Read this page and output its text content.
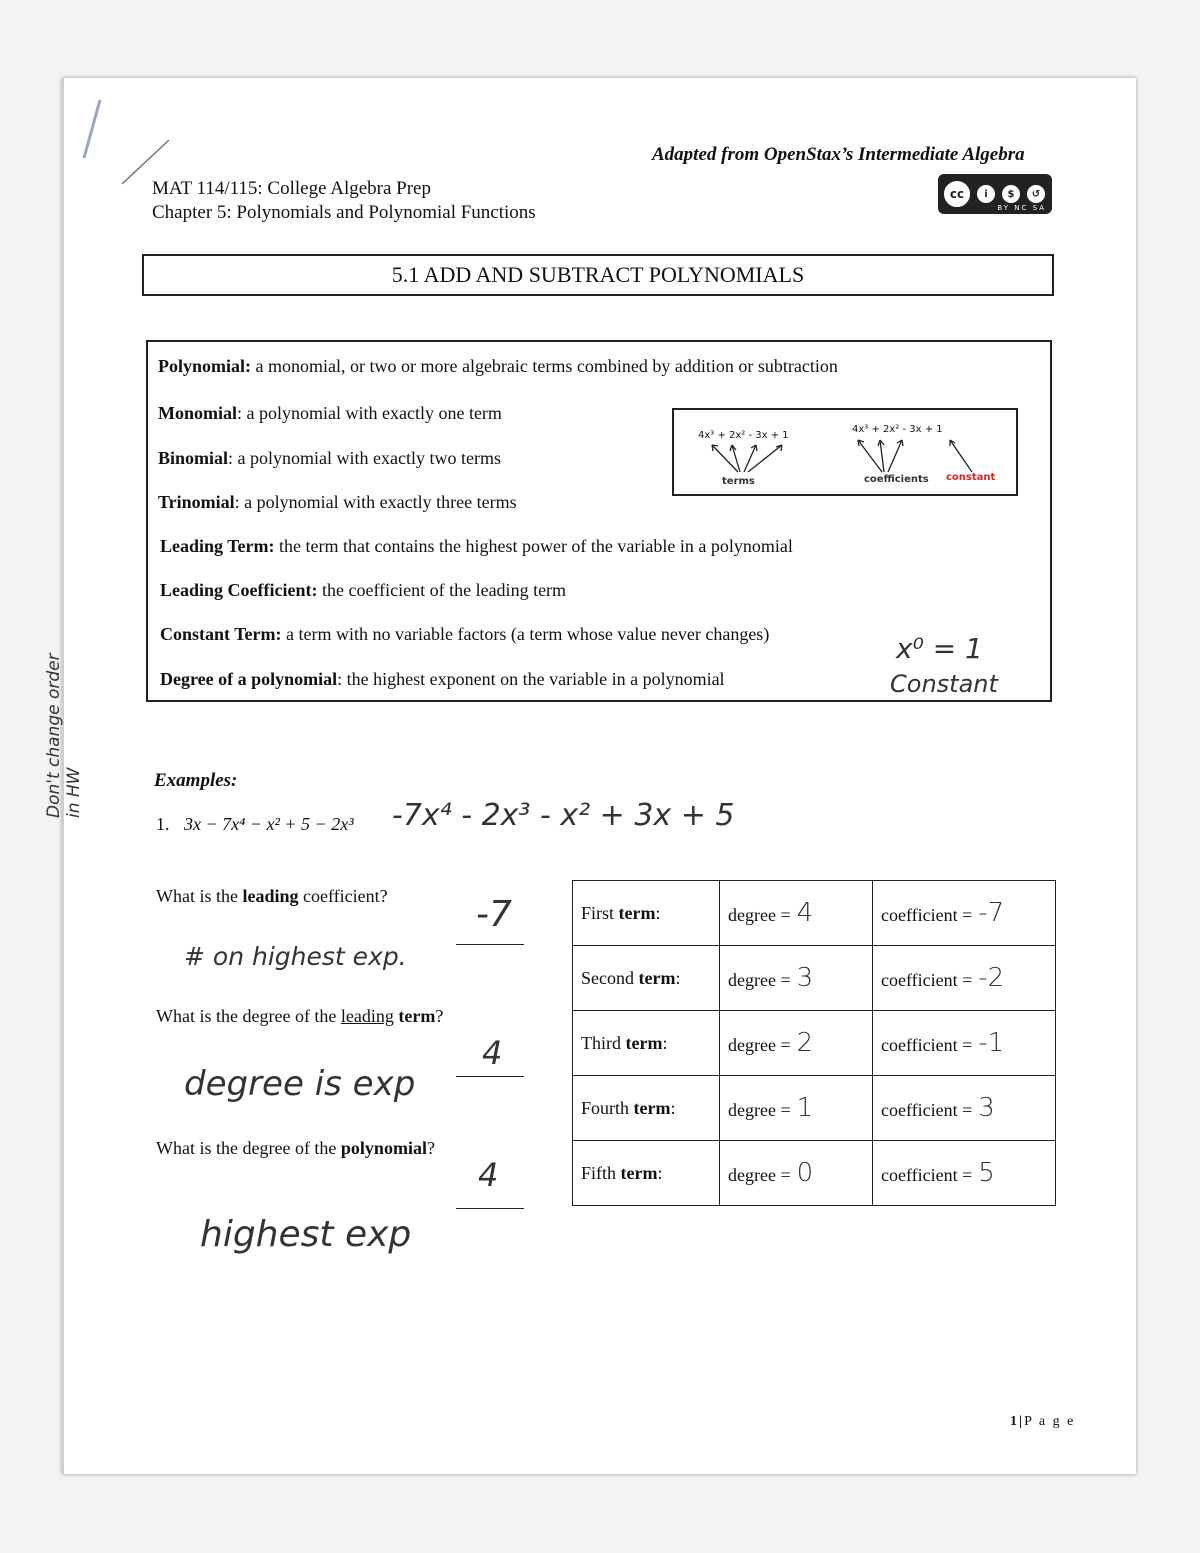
Adapted from OpenStax’s Intermediate Algebra
MAT 114/115: College Algebra Prep
Chapter 5: Polynomials and Polynomial Functions
cc	i	$	↺
BY NC SA
5.1 ADD AND SUBTRACT POLYNOMIALS
Polynomial: a monomial, or two or more algebraic terms combined by addition or subtraction
Monomial: a polynomial with exactly one term
Binomial: a polynomial with exactly two terms
Trinomial: a polynomial with exactly three terms
Leading Term: the term that contains the highest power of the variable in a polynomial
Leading Coefficient: the coefficient of the leading term
Constant Term: a term with no variable factors (a term whose value never changes)
Degree of a polynomial: the highest exponent on the variable in a polynomial
4x³ + 2x² - 3x + 1
terms
4x³ + 2x² - 3x + 1
coefficients constant
x⁰ = 1
Constant
Don't change order in HW	Examples:
1. 3x − 7x⁴ − x² + 5 − 2x³ -7x⁴ - 2x³ - x² + 3x + 5
What is the leading coefficient? -7
# on highest exp.
What is the degree of the leading term?
4
degree is exp
What is the degree of the polynomial?
4
highest exp
First term:	degree = 4	coefficient = -7
Second term:	degree = 3	coefficient = -2
Third term:	degree = 2	coefficient = -1
Fourth term:	degree = 1	coefficient = 3
Fifth term:	degree = 0	coefficient = 5
1|P a g e
